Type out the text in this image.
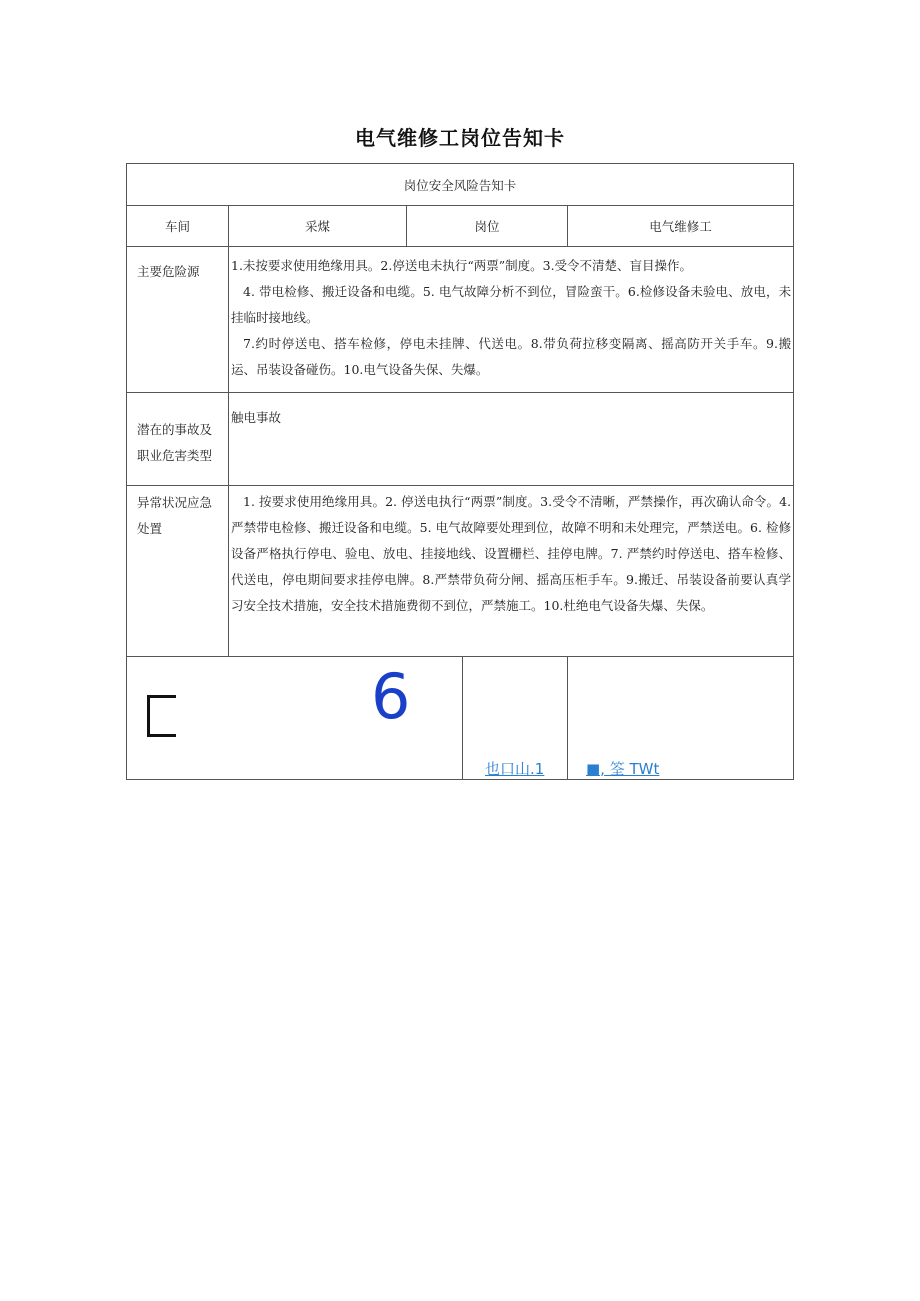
电气维修工岗位告知卡
岗位安全风险告知卡				
车间	采煤	岗位		电气维修工
主要危险源	1.未按要求使用绝缘用具。2.停送电未执行“两票”制度。3.受令不清楚、盲目操作。

4. 带电检修、搬迁设备和电缆。5. 电气故障分析不到位，冒险蛮干。6.检修设备未验电、放电，未挂临时接地线。

7.约时停送电、搭车检修，停电未挂牌、代送电。8.带负荷拉移变隔离、摇高防开关手车。9.搬运、吊装设备碰伤。10.电气设备失保、失爆。			

潜在的事故及职业危害类型	触电事故			
异常状况应急处置	1. 按要求使用绝缘用具。2. 停送电执行“两票”制度。3.受令不清晰，严禁操作，再次确认命令。4. 严禁带电检修、搬迁设备和电缆。5. 电气故障要处理到位，故障不明和未处理完，严禁送电。6. 检修设备严格执行停电、验电、放电、挂接地线、设置栅栏、挂停电牌。7. 严禁约时停送电、搭车检修、代送电，停电期间要求挂停电牌。8.严禁带负荷分闸、摇高压柜手车。9.搬迁、吊装设备前要认真学习安全技术措施，安全技术措施费彻不到位，严禁施工。10.杜绝电气设备失爆、失保。			

6			也口山.1	■, 筌 TWt
